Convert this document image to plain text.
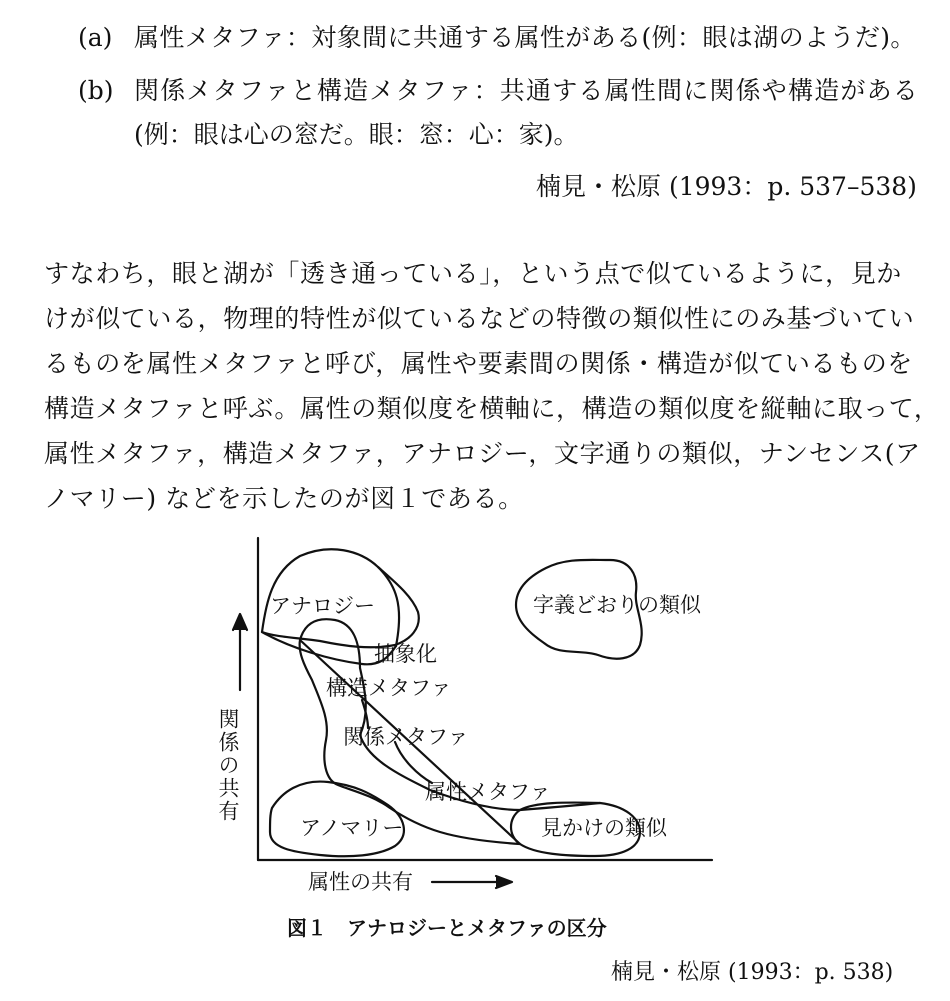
(a) 属性メタファ：対象間に共通する属性がある(例：眼は湖のようだ)。
(b) 関係メタファと構造メタファ：共通する属性間に関係や構造がある
(例：眼は心の窓だ。眼：窓：心：家)。
楠見・松原 (1993：p. 537–538)

すなわち，眼と湖が「透き通っている」，という点で似ているように，見か

けが似ている，物理的特性が似ているなどの特徴の類似性にのみ基づいてい

るものを属性メタファと呼び，属性や要素間の関係・構造が似ているものを

構造メタファと呼ぶ。属性の類似度を横軸に，構造の類似度を縦軸に取って，

属性メタファ，構造メタファ，アナロジー，文字通りの類似，ナンセンス(ア

ノマリー) などを示したのが図１である。

アナロジー	字義どおりの類似
抽象化
構造メタファ
関係メタファ
属性メタファ
アノマリー	見かけの類似
属性の共有
関係の共有
図１　アナロジーとメタファの区分
楠見・松原 (1993：p. 538)
